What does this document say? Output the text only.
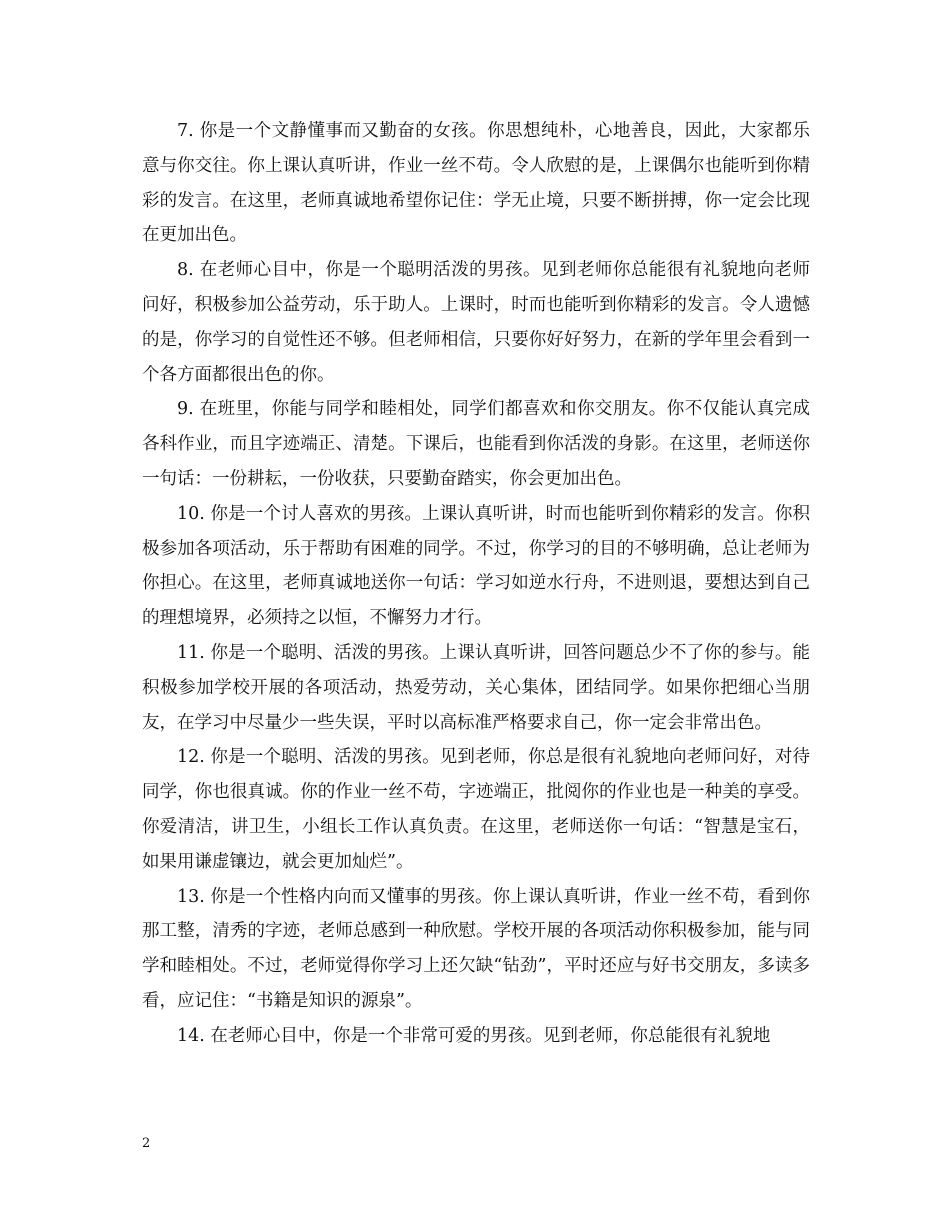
7. 你是一个文静懂事而又勤奋的女孩。你思想纯朴，心地善良，因此，大家都乐意与你交往。你上课认真听讲，作业一丝不苟。令人欣慰的是，上课偶尔也能听到你精彩的发言。在这里，老师真诚地希望你记住：学无止境，只要不断拼搏，你一定会比现在更加出色。

8. 在老师心目中，你是一个聪明活泼的男孩。见到老师你总能很有礼貌地向老师问好，积极参加公益劳动，乐于助人。上课时，时而也能听到你精彩的发言。令人遗憾的是，你学习的自觉性还不够。但老师相信，只要你好好努力，在新的学年里会看到一个各方面都很出色的你。

9. 在班里，你能与同学和睦相处，同学们都喜欢和你交朋友。你不仅能认真完成各科作业，而且字迹端正、清楚。下课后，也能看到你活泼的身影。在这里，老师送你一句话：一份耕耘，一份收获，只要勤奋踏实，你会更加出色。

10. 你是一个讨人喜欢的男孩。上课认真听讲，时而也能听到你精彩的发言。你积极参加各项活动，乐于帮助有困难的同学。不过，你学习的目的不够明确，总让老师为你担心。在这里，老师真诚地送你一句话：学习如逆水行舟，不进则退，要想达到自己的理想境界，必须持之以恒，不懈努力才行。

11. 你是一个聪明、活泼的男孩。上课认真听讲，回答问题总少不了你的参与。能积极参加学校开展的各项活动，热爱劳动，关心集体，团结同学。如果你把细心当朋友，在学习中尽量少一些失误，平时以高标准严格要求自己，你一定会非常出色。

12. 你是一个聪明、活泼的男孩。见到老师，你总是很有礼貌地向老师问好，对待同学，你也很真诚。你的作业一丝不苟，字迹端正，批阅你的作业也是一种美的享受。你爱清洁，讲卫生，小组长工作认真负责。在这里，老师送你一句话：“智慧是宝石，如果用谦虚镶边，就会更加灿烂”。

13. 你是一个性格内向而又懂事的男孩。你上课认真听讲，作业一丝不苟，看到你那工整，清秀的字迹，老师总感到一种欣慰。学校开展的各项活动你积极参加，能与同学和睦相处。不过，老师觉得你学习上还欠缺“钻劲”，平时还应与好书交朋友，多读多看，应记住：“书籍是知识的源泉”。

14. 在老师心目中，你是一个非常可爱的男孩。见到老师，你总能很有礼貌地

2
